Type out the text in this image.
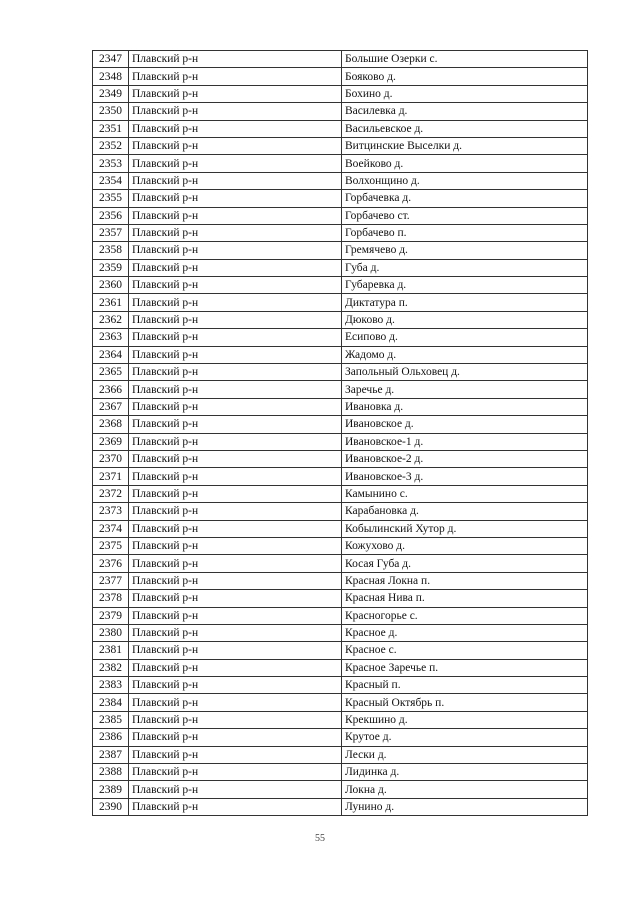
2347	Плавский р-н	Большие Озерки с.
2348	Плавский р-н	Бояково д.
2349	Плавский р-н	Бохино д.
2350	Плавский р-н	Василевка д.
2351	Плавский р-н	Васильевское д.
2352	Плавский р-н	Витцинские Выселки д.
2353	Плавский р-н	Воейково д.
2354	Плавский р-н	Волхонщино д.
2355	Плавский р-н	Горбачевка д.
2356	Плавский р-н	Горбачево ст.
2357	Плавский р-н	Горбачево п.
2358	Плавский р-н	Гремячево д.
2359	Плавский р-н	Губа д.
2360	Плавский р-н	Губаревка д.
2361	Плавский р-н	Диктатура п.
2362	Плавский р-н	Дюково д.
2363	Плавский р-н	Есипово д.
2364	Плавский р-н	Жадомо д.
2365	Плавский р-н	Запольный Ольховец д.
2366	Плавский р-н	Заречье д.
2367	Плавский р-н	Ивановка д.
2368	Плавский р-н	Ивановское д.
2369	Плавский р-н	Ивановское-1 д.
2370	Плавский р-н	Ивановское-2 д.
2371	Плавский р-н	Ивановское-3 д.
2372	Плавский р-н	Камынино с.
2373	Плавский р-н	Карабановка д.
2374	Плавский р-н	Кобылинский Хутор д.
2375	Плавский р-н	Кожухово д.
2376	Плавский р-н	Косая Губа д.
2377	Плавский р-н	Красная Локна п.
2378	Плавский р-н	Красная Нива п.
2379	Плавский р-н	Красногорье с.
2380	Плавский р-н	Красное д.
2381	Плавский р-н	Красное с.
2382	Плавский р-н	Красное Заречье п.
2383	Плавский р-н	Красный п.
2384	Плавский р-н	Красный Октябрь п.
2385	Плавский р-н	Крекшино д.
2386	Плавский р-н	Крутое д.
2387	Плавский р-н	Лески д.
2388	Плавский р-н	Лидинка д.
2389	Плавский р-н	Локна д.
2390	Плавский р-н	Лунино д.
55
